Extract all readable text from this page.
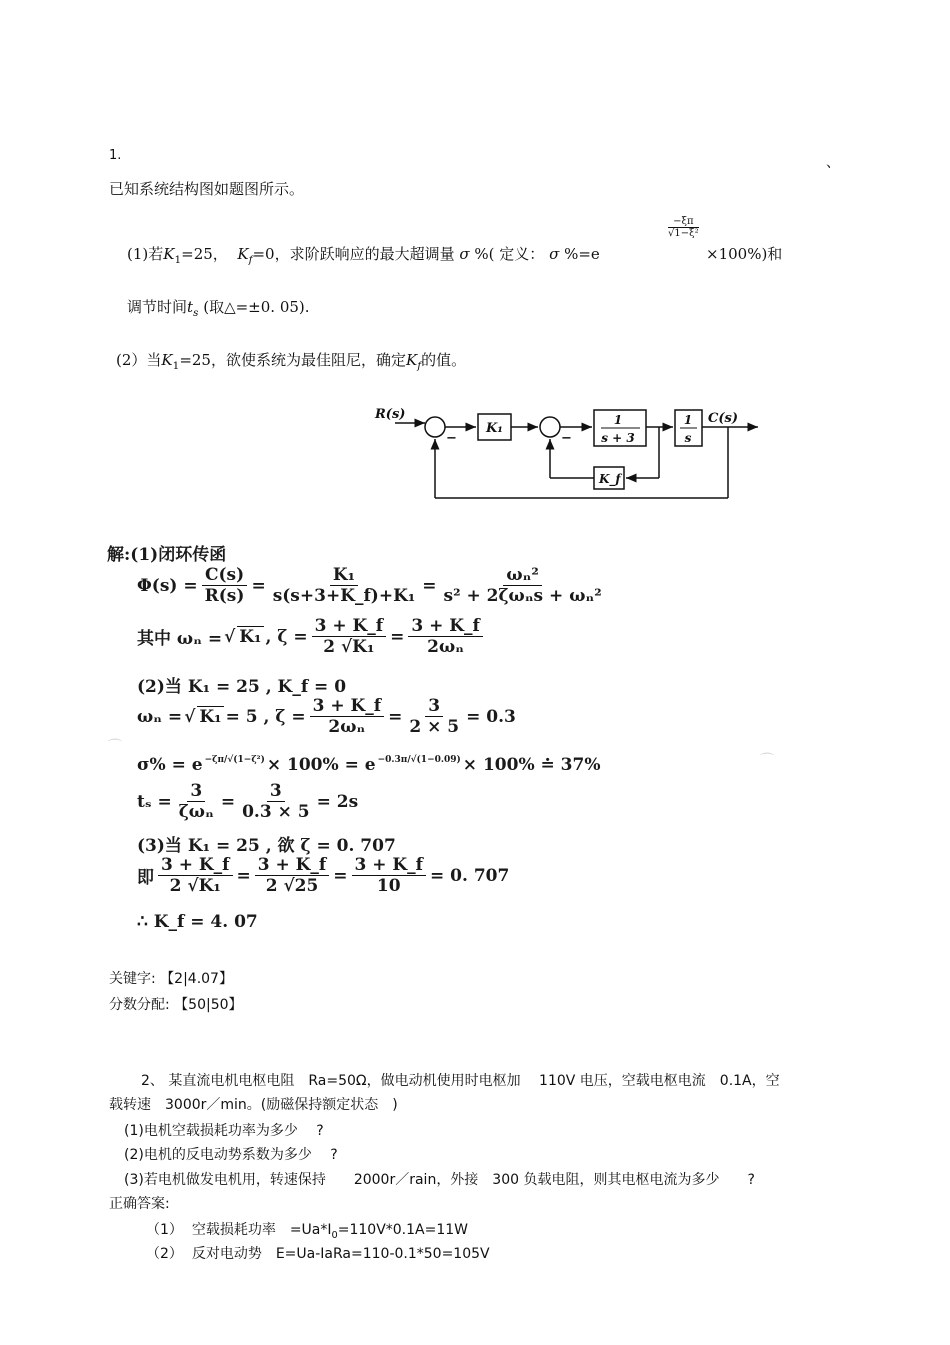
1.	、
已知系统结构图如题图所示。
(1)若$K_1=25$， $K_f=0$，求阶跃响应的最大超调量 σ %( 定义： σ %=e
$\frac{-\xi\pi}{\text{√1−ξ²}}$
×100%)和
调节时间$t_s$ (取△=±0. 05).
(2）当$K_1=25$，欲使系统为最佳阻尼，确定$K_f$的值。
R(s)	C(s)
K₁
1
s + 3
1
s
K_f
−	−
解:(1)闭环传函
$\Phi(s) = \frac{C(s)}{R(s)} = \frac{\text{K₁}}{\text{s(s+3+K\_f)+K₁}} = \frac{\text{ωₙ²}}{\text{s² + 2ζωₙs + ωₙ²}}$
其中 ωₙ = √ K₁ , $\zeta = \frac{3 + K\_f}{\text{2 √K₁}} = \frac{3 + K\_f}{\text{2ωₙ}}$
(2)当 K₁ = 25 , K_f = 0
ωₙ = √ K₁ = 5 , $\zeta = \frac{3 + K\_f}{\text{2ωₙ}} = \frac{3}{2 \times 5} = 0.3$
$\sigma\% = e^{-\zeta\pi/√(1-\zeta^2)} \times 100\% = e^{-0.3\pi/√(1-0.09)} \times 100\%$ ≐ 37%
$t_s = \frac{3}{\text{ζωₙ}} = \frac{3}{0.3 \times 5} = 2s$
(3)当 K₁ = 25 , 欲 ζ = 0. 707
即 $\frac{3 + K\_f}{\text{2 √K₁}} = \frac{3 + K\_f}{2 √25} = \frac{3 + K\_f}{10} = 0$. 707
∴ K_f = 4. 07
⌒
⌒
关键字: 【2|4.07】
分数分配: 【50|50】
2、 某直流电机电枢电阻　Ra=50Ω，做电动机使用时电枢加　 110V 电压，空载电枢电流　0.1A，空
载转速　3000r／min。(励磁保持额定状态　)
(1)电机空载损耗功率为多少　 ?
(2)电机的反电动势系数为多少　 ?
(3)若电机做发电机用，转速保持　　2000r／rain，外接　300 负载电阻，则其电枢电流为多少　　?
正确答案:
（1） 空载损耗功率　$=Ua*I_0=110V*0.1A=11W$
（2） 反对电动势　E=Ua-IaRa=110-0.1*50=105V
